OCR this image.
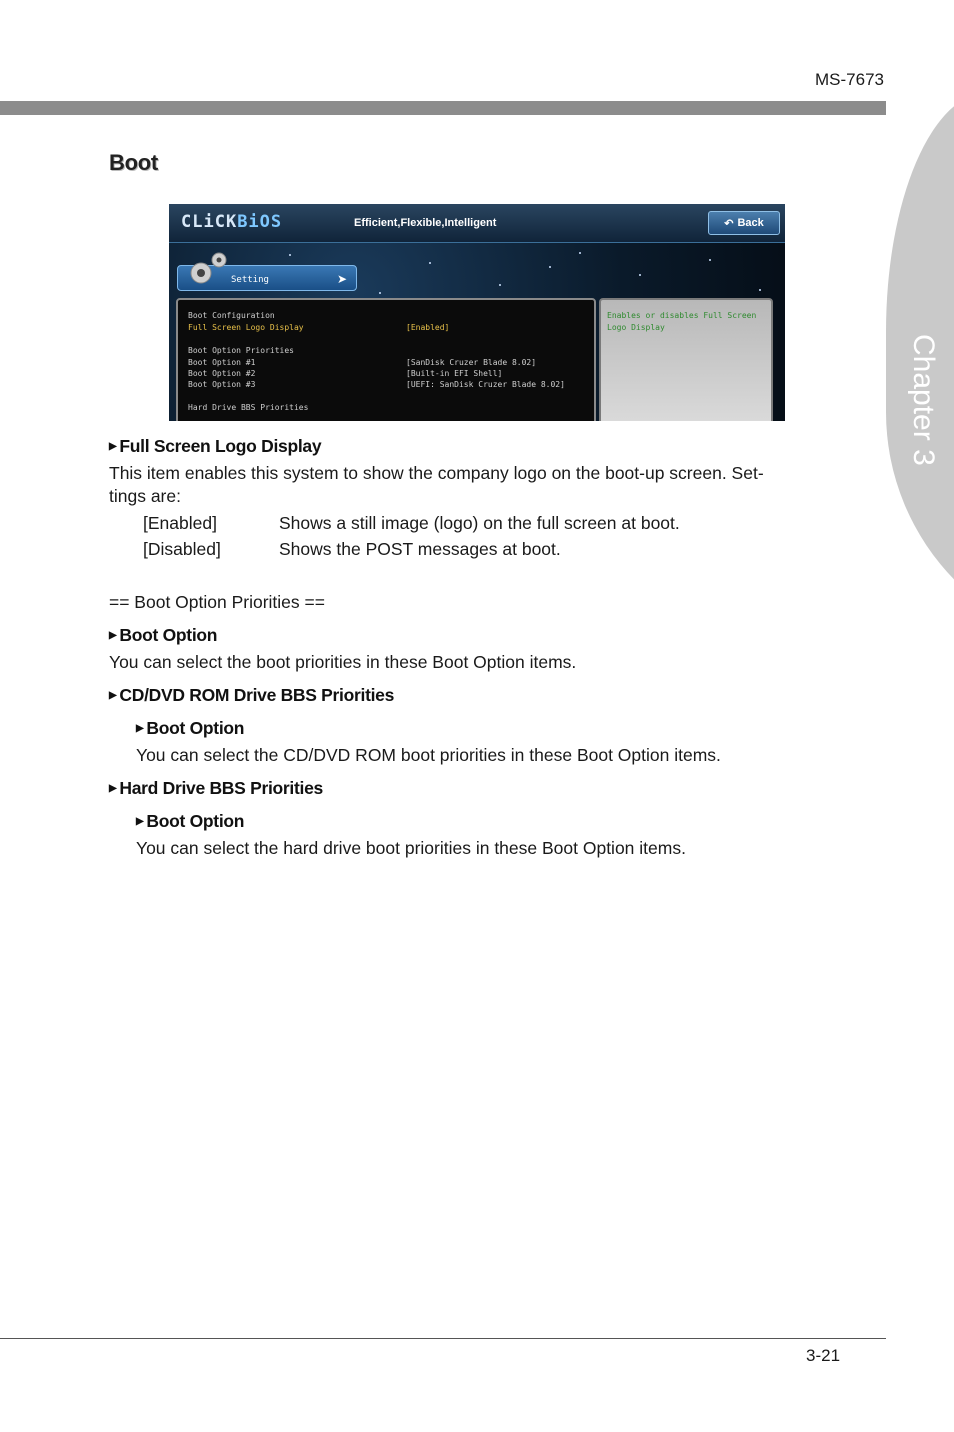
MS-7673
Chapter 3
Boot
CLiCKBiOS	Efficient,Flexible,Intelligent	↶ Back
Setting	➤
Boot Configuration
Full Screen Logo Display	[Enabled]
Boot Option Priorities
Boot Option #1	[SanDisk Cruzer Blade 8.02]
Boot Option #2	[Built-in EFI Shell]
Boot Option #3	[UEFI: SanDisk Cruzer Blade 8.02]
Hard Drive BBS Priorities
Enables or disables Full Screen Logo Display
▶ Full Screen Logo Display
This item enables this system to show the company logo on the boot-up screen. Set-
tings are:
[Enabled]	Shows a still image (logo) on the full screen at boot.
[Disabled]	Shows the POST messages at boot.
== Boot Option Priorities ==
▶ Boot Option
You can select the boot priorities in these Boot Option items.
▶ CD/DVD ROM Drive BBS Priorities
▶ Boot Option
You can select the CD/DVD ROM boot priorities in these Boot Option items.
▶ Hard Drive BBS Priorities
▶ Boot Option
You can select the hard drive boot priorities in these Boot Option items.
3-21
